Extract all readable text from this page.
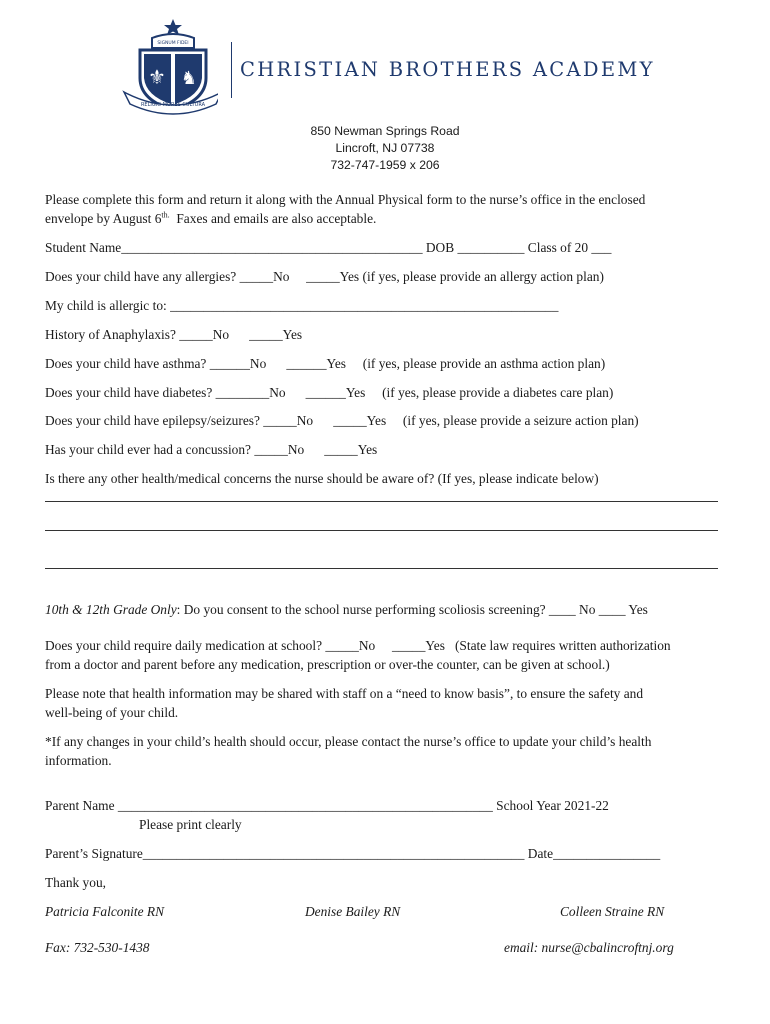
SIGNUM FIDEI
⚜ ♞
RELIGIO MORES CULTURA
CHRISTIAN BROTHERS ACADEMY
850 Newman Springs Road
Lincroft, NJ 07738
732-747-1959 x 206
Please complete this form and return it along with the Annual Physical form to the nurse’s office in the enclosed
envelope by August $6^{th.}$  Faxes and emails are also acceptable.
Student Name_____________________________________________ DOB __________ Class of 20 ___
Does your child have any allergies? _____No     _____Yes (if yes, please provide an allergy action plan)
My child is allergic to: __________________________________________________________
History of Anaphylaxis? _____No      _____Yes
Does your child have asthma? ______No      ______Yes     (if yes, please provide an asthma action plan)
Does your child have diabetes? ________No      ______Yes     (if yes, please provide a diabetes care plan)
Does your child have epilepsy/seizures? _____No      _____Yes     (if yes, please provide a seizure action plan)
Has your child ever had a concussion? _____No      _____Yes
Is there any other health/medical concerns the nurse should be aware of? (If yes, please indicate below)
10th & 12th Grade Only: Do you consent to the school nurse performing scoliosis screening? ____ No ____ Yes
Does your child require daily medication at school? _____No     _____Yes   (State law requires written authorization
from a doctor and parent before any medication, prescription or over-the counter, can be given at school.)
Please note that health information may be shared with staff on a “need to know basis”, to ensure the safety and
well-being of your child.
*If any changes in your child’s health should occur, please contact the nurse’s office to update your child’s health
information.
Parent Name ________________________________________________________ School Year 2021-22
Please print clearly
Parent’s Signature_________________________________________________________ Date________________
Thank you,
Patricia Falconite RN	Denise Bailey RN	Colleen Straine RN
Fax: 732-530-1438	email: nurse@cbalincroftnj.org
